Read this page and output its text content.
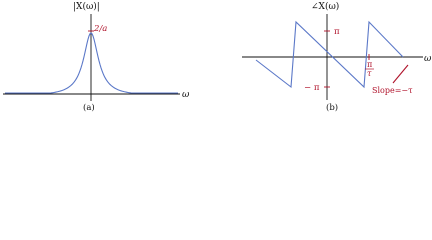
|X(ω)|
2/a
ω
(a)
∠X(ω)
π
− π
π
τ
Slope=−τ
ω
(b)
